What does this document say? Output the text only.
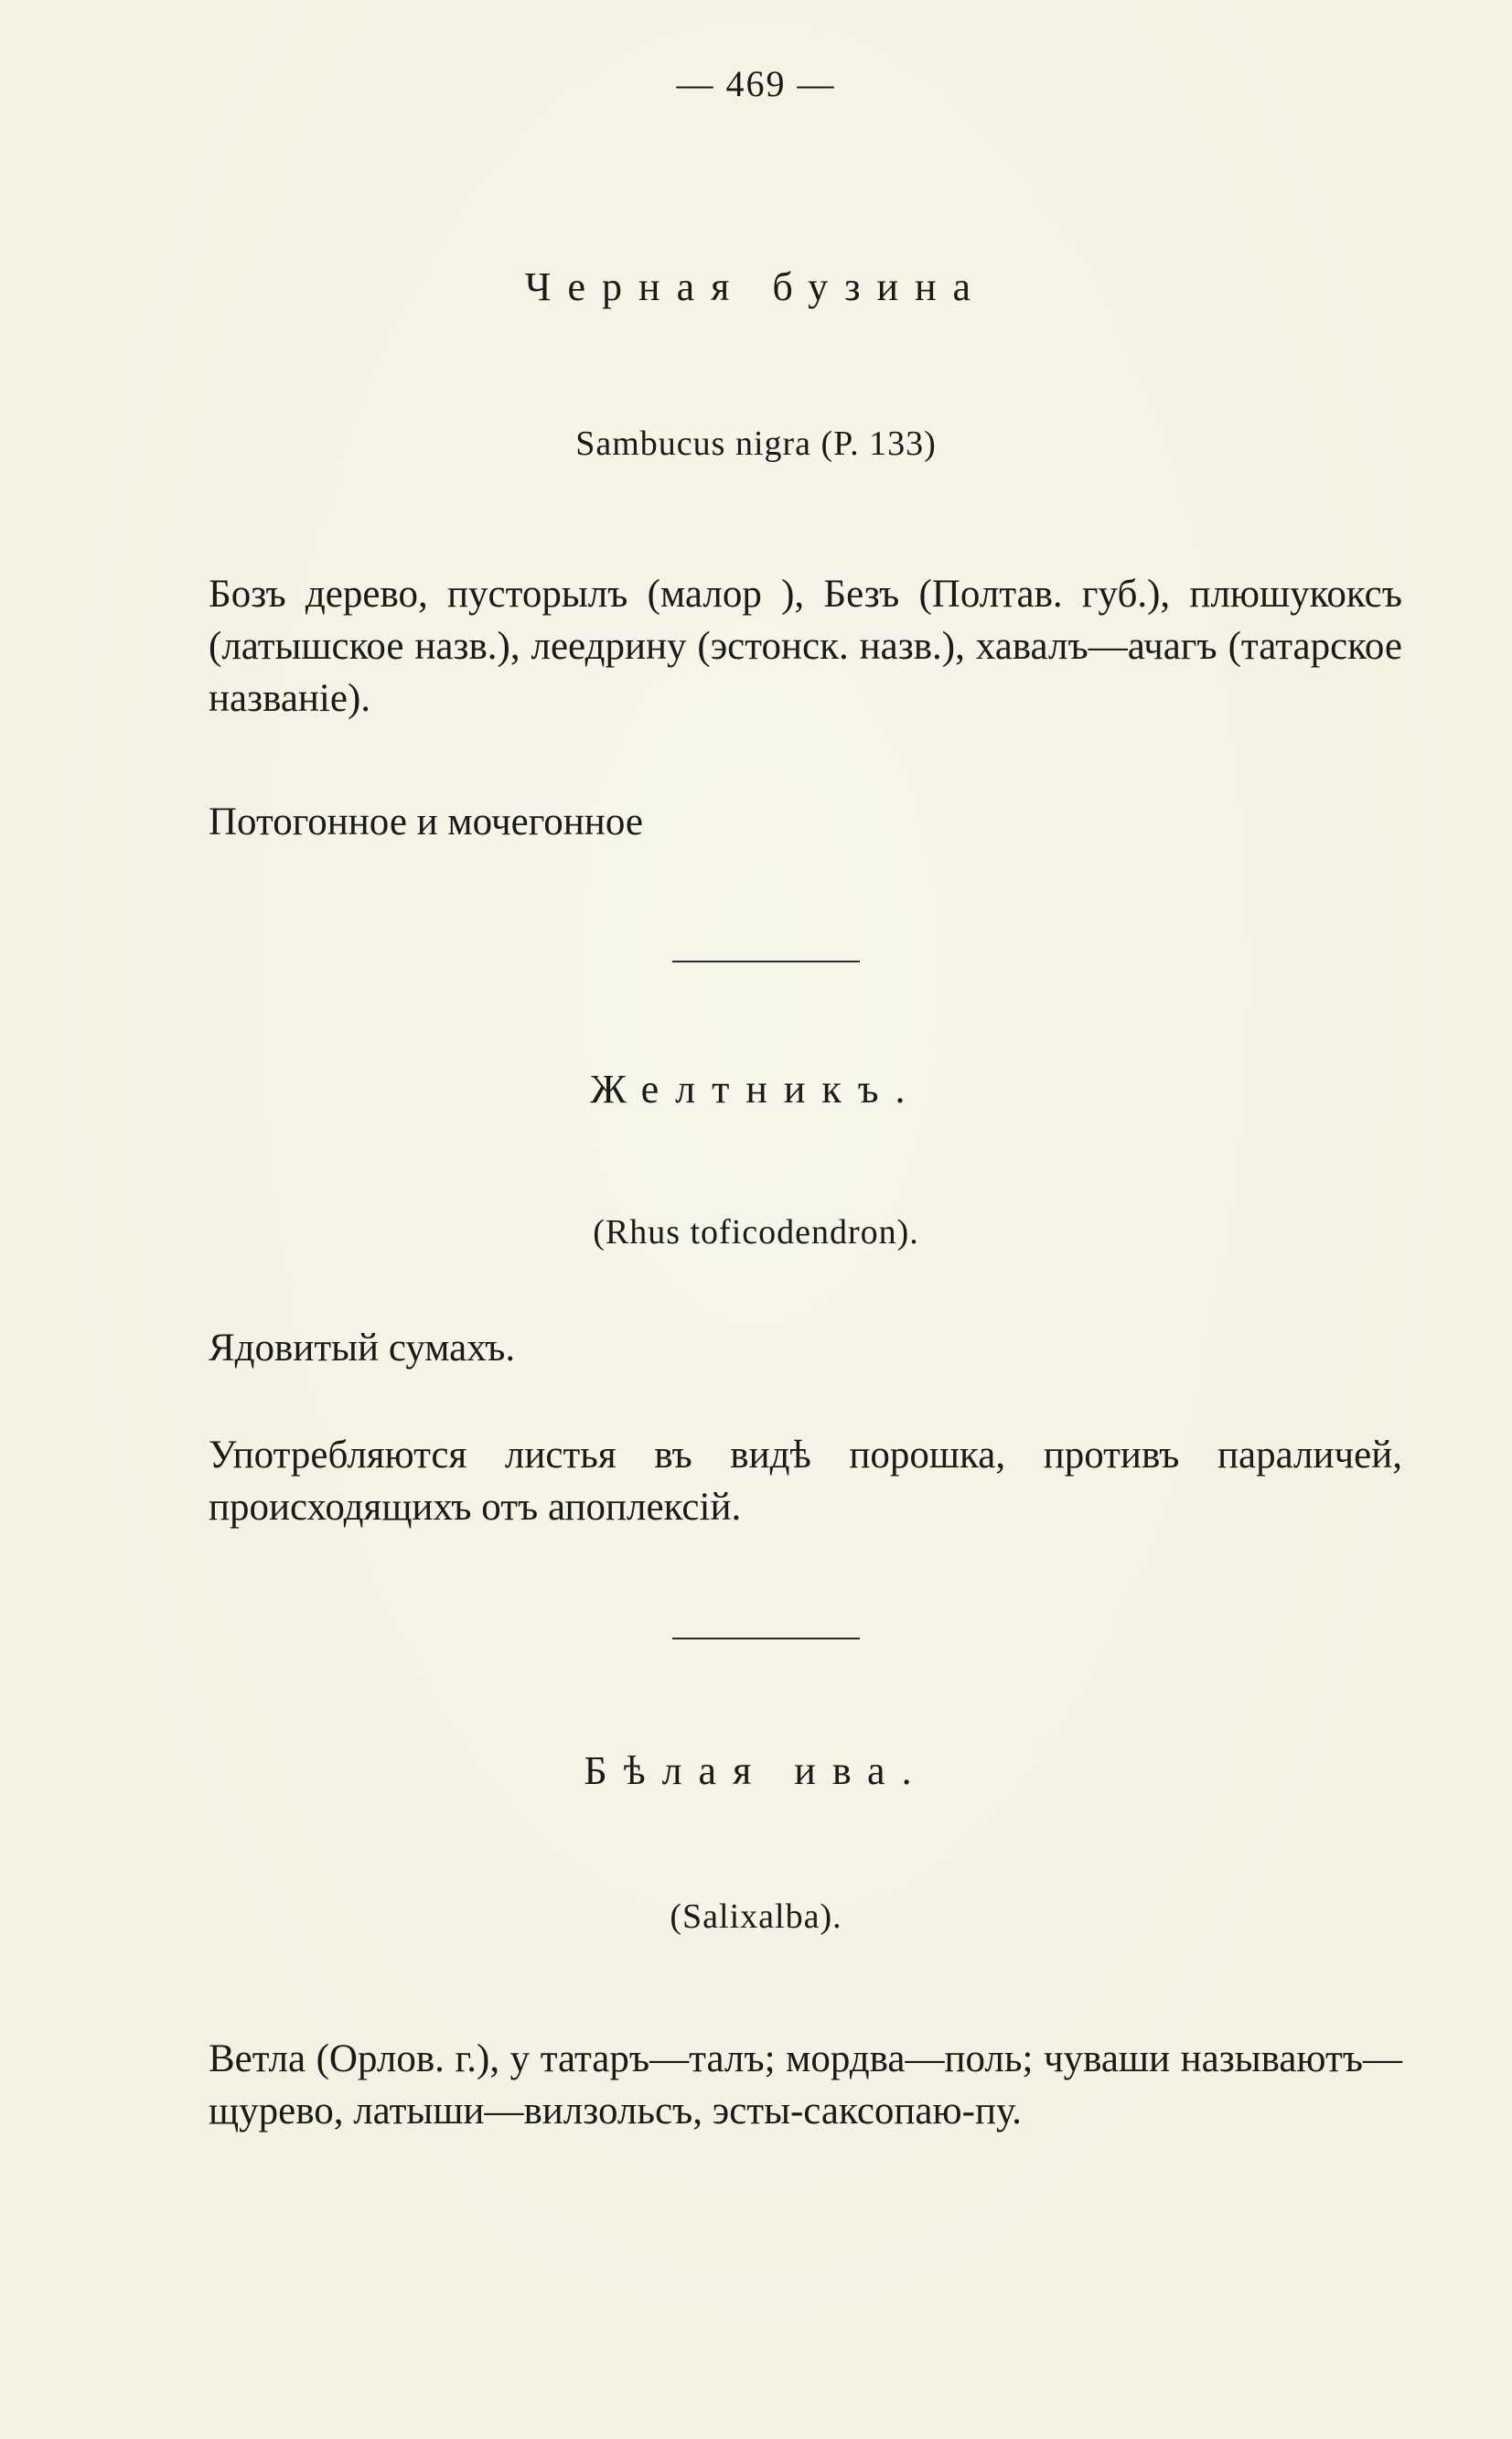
— 469 —
Черная бузина
Sambucus nigra (P. 133)
Бозъ дерево, пусторылъ (малор ), Безъ (Полтав. губ.), плюшукоксъ (латышское назв.), леедрину (эстонск. назв.), хавалъ—ачагъ (татарское названiе).
Потогонное и мочегонное
Желтникъ.
(Rhus toficodendron).
Ядовитый сумахъ.
Употребляются листья въ видѣ порошка, противъ параличей, происходящихъ отъ апоплексiй.
Бѣлая ива.
(Salixalba).
Ветла (Орлов. г.), у татаръ—талъ; мордва—поль; чуваши называютъ—щурево, латыши—вилзольсъ, эсты-саксопаю-пу.
